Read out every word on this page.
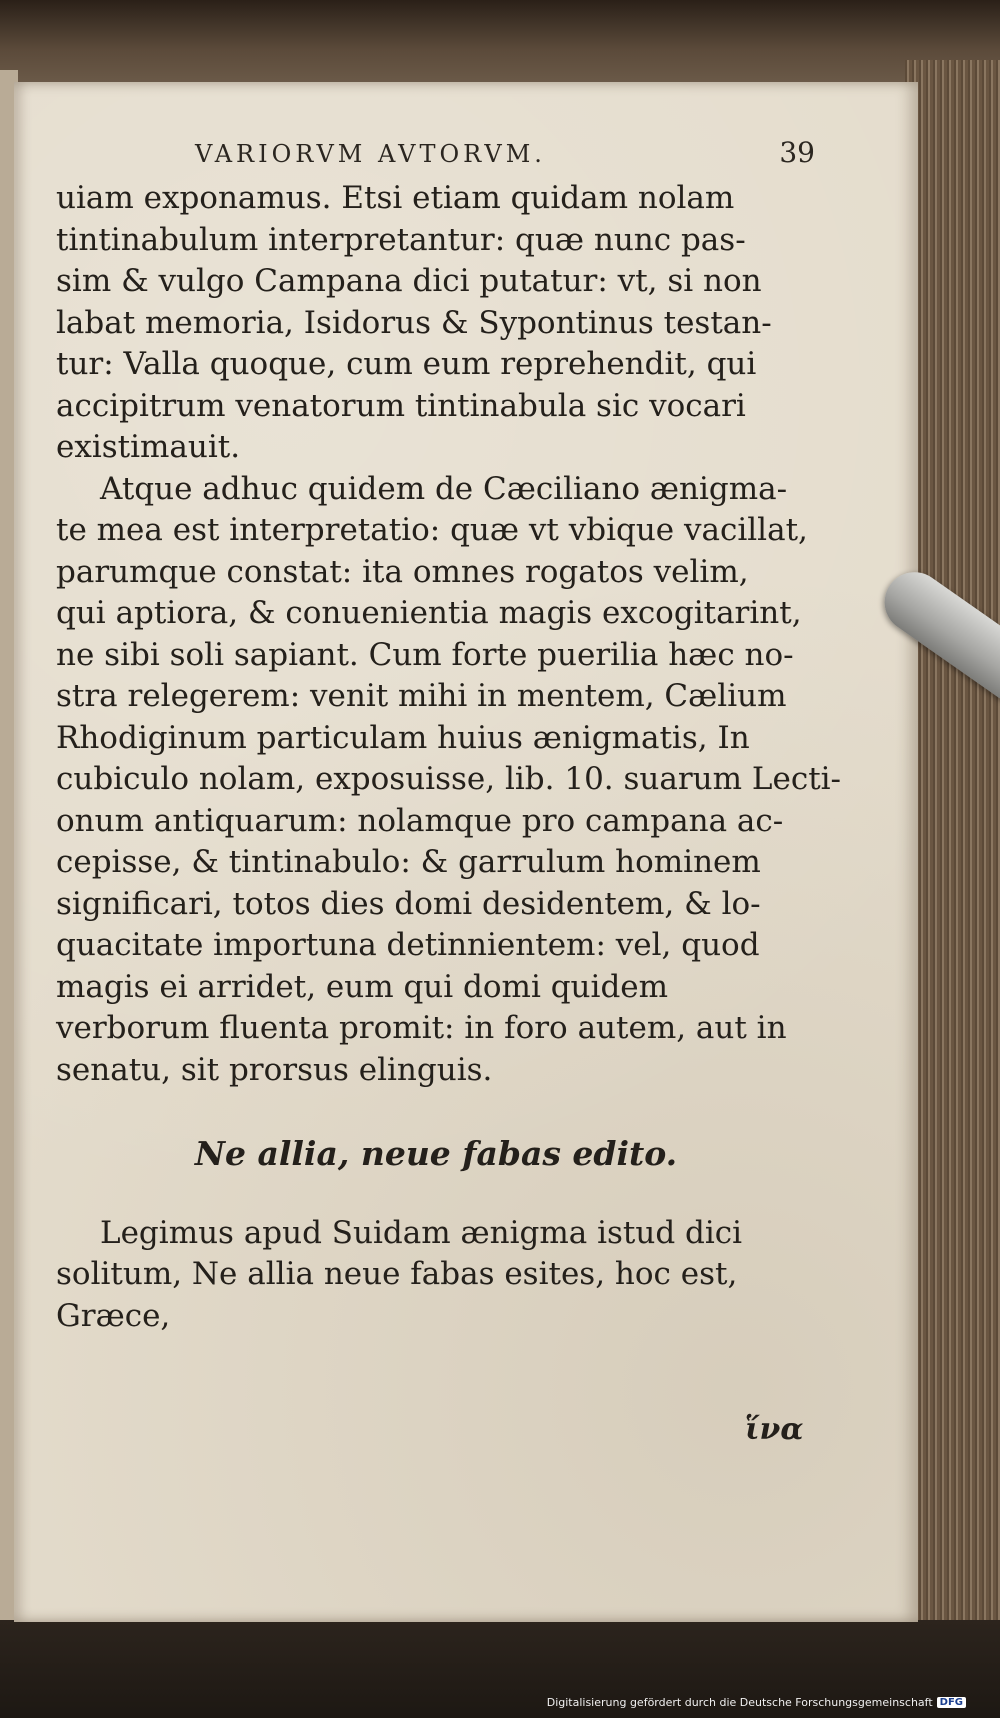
VARIORVM AVTORVM.	39

uiam exponamus. Etsi etiam quidam nolam
tintinabulum interpretantur: quæ nunc pas-
sim & vulgo Campana dici putatur: vt, si non
labat memoria, Isidorus & Sypontinus testan-
tur: Valla quoque, cum eum reprehendit, qui
accipitrum venatorum tintinabula sic vocari
existimauit.

Atque adhuc quidem de Cæciliano ænigma-
te mea est interpretatio: quæ vt vbique vacillat,
parumque constat: ita omnes rogatos velim,
qui aptiora, & conuenientia magis excogitarint,
ne sibi soli sapiant. Cum forte puerilia hæc no-
stra relegerem: venit mihi in mentem, Cælium
Rhodiginum particulam huius ænigmatis, In
cubiculo nolam, exposuisse, lib. 10. suarum Lecti-
onum antiquarum: nolamque pro campana ac-
cepisse, & tintinabulo: & garrulum hominem
significari, totos dies domi desidentem, & lo-
quacitate importuna detinnientem: vel, quod
magis ei arridet, eum qui domi quidem
verborum fluenta promit: in foro autem, aut in
senatu, sit prorsus elinguis.

Ne allia, neue fabas edito.

Legimus apud Suidam ænigma istud dici
solitum, Ne allia neue fabas esites, hoc est,
Græce,

ἵνα
Digitalisierung gefördert durch die Deutsche Forschungsgemeinschaft DFG
